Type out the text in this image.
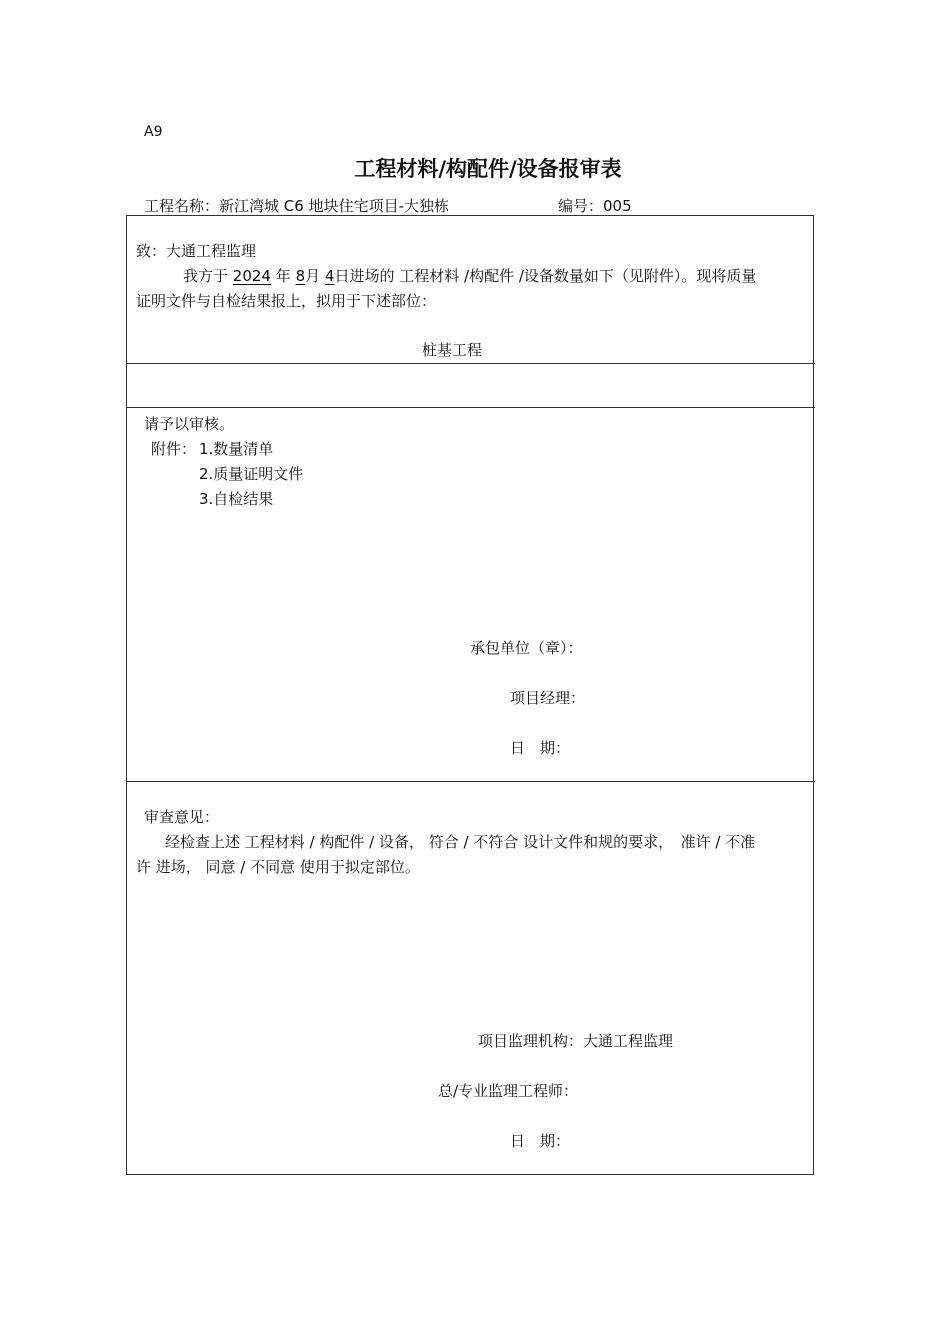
A9
工程材料/构配件/设备报审表
工程名称：新江湾城 C6 地块住宅项目-大独栋	编号：005
致：大通工程监理
我方于 2024 年 8月 4日进场的 工程材料 /构配件 /设备数量如下（见附件）。现将质量
证明文件与自检结果报上，拟用于下述部位：
桩基工程
请予以审核。
附件： 1.数量清单
2.质量证明文件
3.自检结果
承包单位（章）：
项目经理：
日　期：
审查意见：
经检查上述 工程材料 / 构配件 / 设备， 符合 / 不符合 设计文件和规的要求，　准许 / 不准
许 进场， 同意 / 不同意 使用于拟定部位。
项目监理机构：大通工程监理
总/专业监理工程师：
日　期：
